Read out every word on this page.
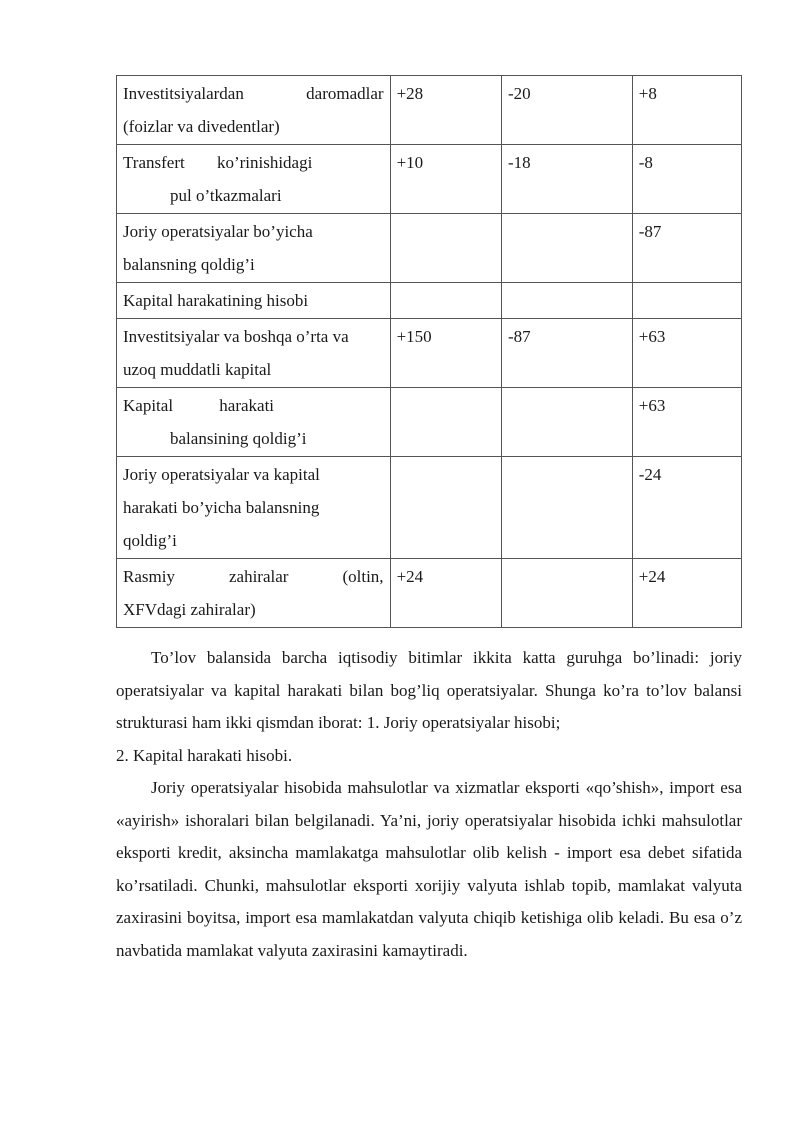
Investitsiyalardan daromadlar
(foizlar va divedentlar)	+28	-20	+8

Transfert ko’rinishidagi
pul o’tkazmalari	+10	-18	-8

Joriy operatsiyalar bo’yicha
balansning qoldig’i			-87

Kapital harakatining hisobi			

Investitsiyalar va boshqa o’rta va
uzoq muddatli kapital	+150	-87	+63

Kapital harakati
balansining qoldig’i			+63

Joriy operatsiyalar va kapital
harakati bo’yicha balansning
qoldig’i			-24

Rasmiy zahiralar (oltin,
XFVdagi zahiralar)	+24		+24

To’lov balansida barcha iqtisodiy bitimlar ikkita katta guruhga bo’linadi: joriy operatsiyalar va kapital harakati bilan bog’liq operatsiyalar. Shunga ko’ra to’lov balansi strukturasi ham ikki qismdan iborat: 1. Joriy operatsiyalar hisobi;

2. Kapital harakati hisobi.

Joriy operatsiyalar hisobida mahsulotlar va xizmatlar eksporti «qo’shish», import esa «ayirish» ishoralari bilan belgilanadi. Ya’ni, joriy operatsiyalar hisobida ichki mahsulotlar eksporti kredit, aksincha mamlakatga mahsulotlar olib kelish - import esa debet sifatida ko’rsatiladi. Chunki, mahsulotlar eksporti xorijiy valyuta ishlab topib, mamlakat valyuta zaxirasini boyitsa, import esa mamlakatdan valyuta chiqib ketishiga olib keladi. Bu esa o’z navbatida mamlakat valyuta zaxirasini kamaytiradi.
